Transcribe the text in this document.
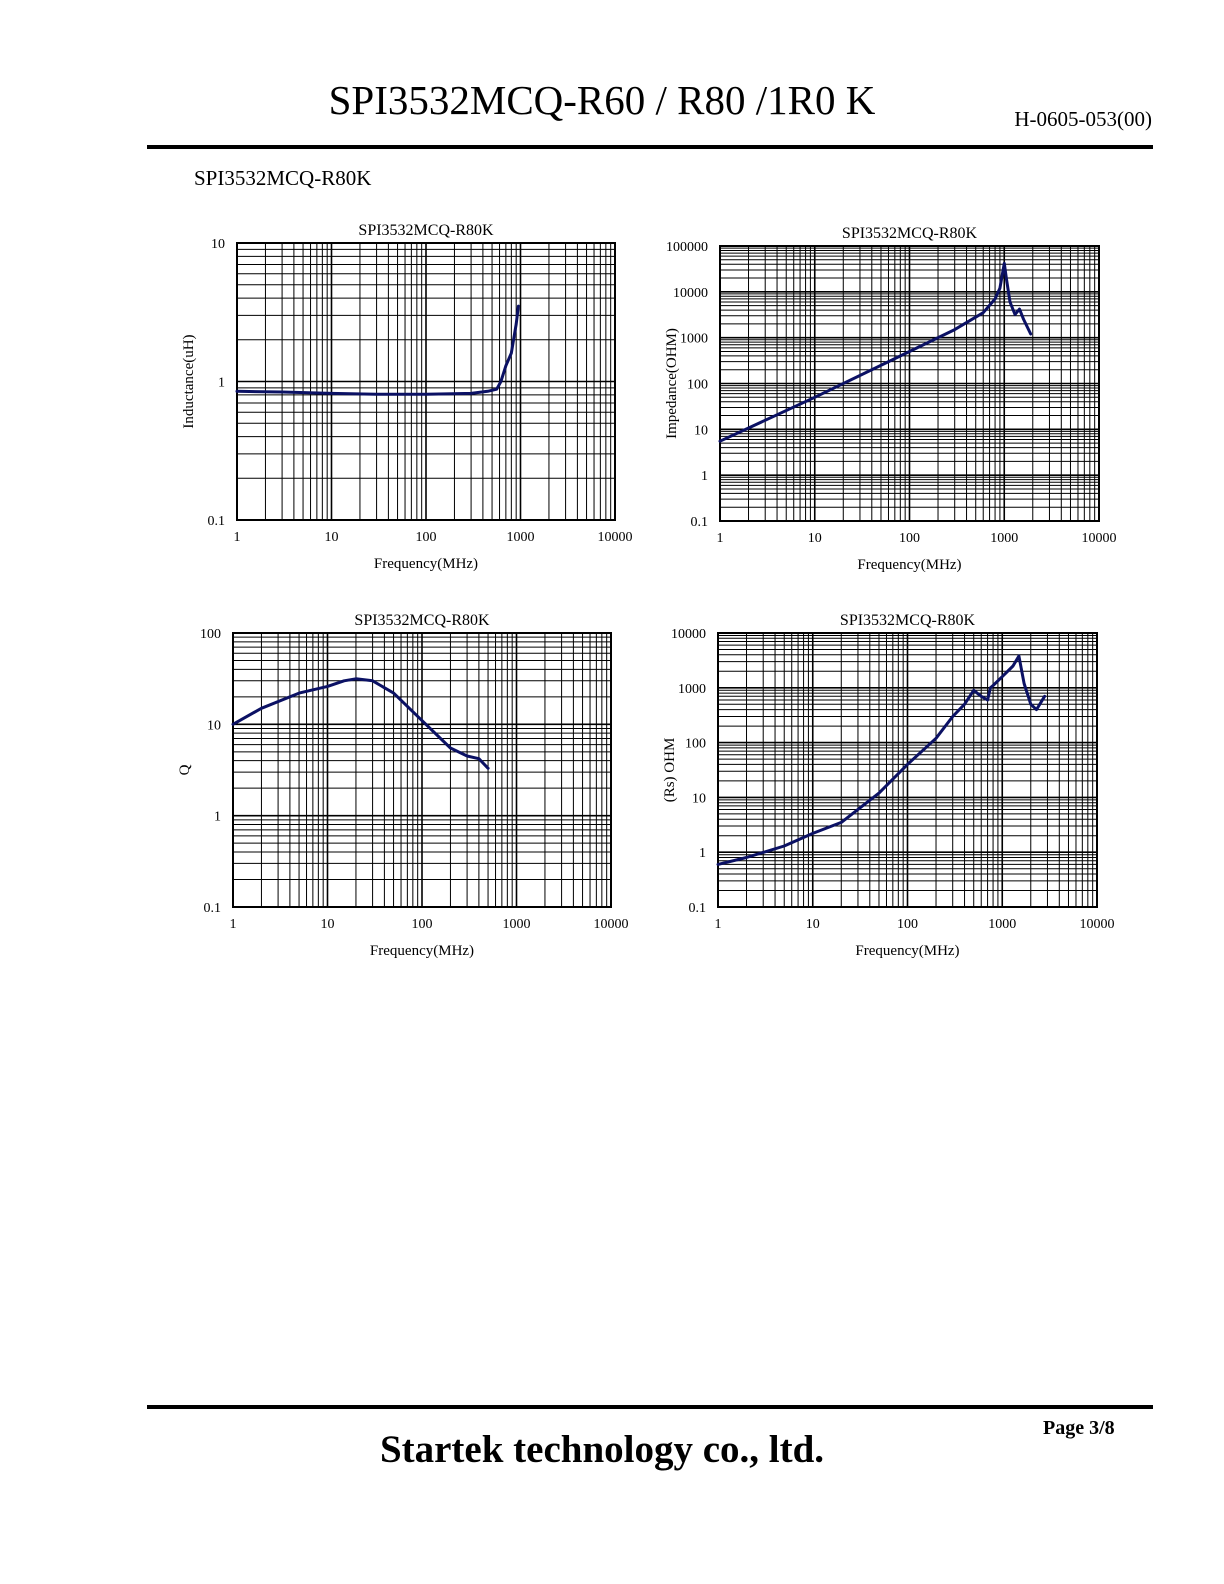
SPI3532MCQ-R60 / R80 /1R0 K	H-0605-053(00)
SPI3532MCQ-R80K
SPI3532MCQ-R80K
1	10	100	1000	10000
0.1
1
10
Frequency(MHz)
Inductance(uH)
SPI3532MCQ-R80K
1	10	100	1000	10000
0.1
1
10
100
1000
10000
100000
Frequency(MHz)
Impedance(OHM)
SPI3532MCQ-R80K
1	10	100	1000	10000
0.1
1
10
100
Frequency(MHz)
Q
SPI3532MCQ-R80K
1	10	100	1000	10000
0.1
1
10
100
1000
10000
Frequency(MHz)
(Rs) OHM
Page 3/8
Startek technology co., ltd.
